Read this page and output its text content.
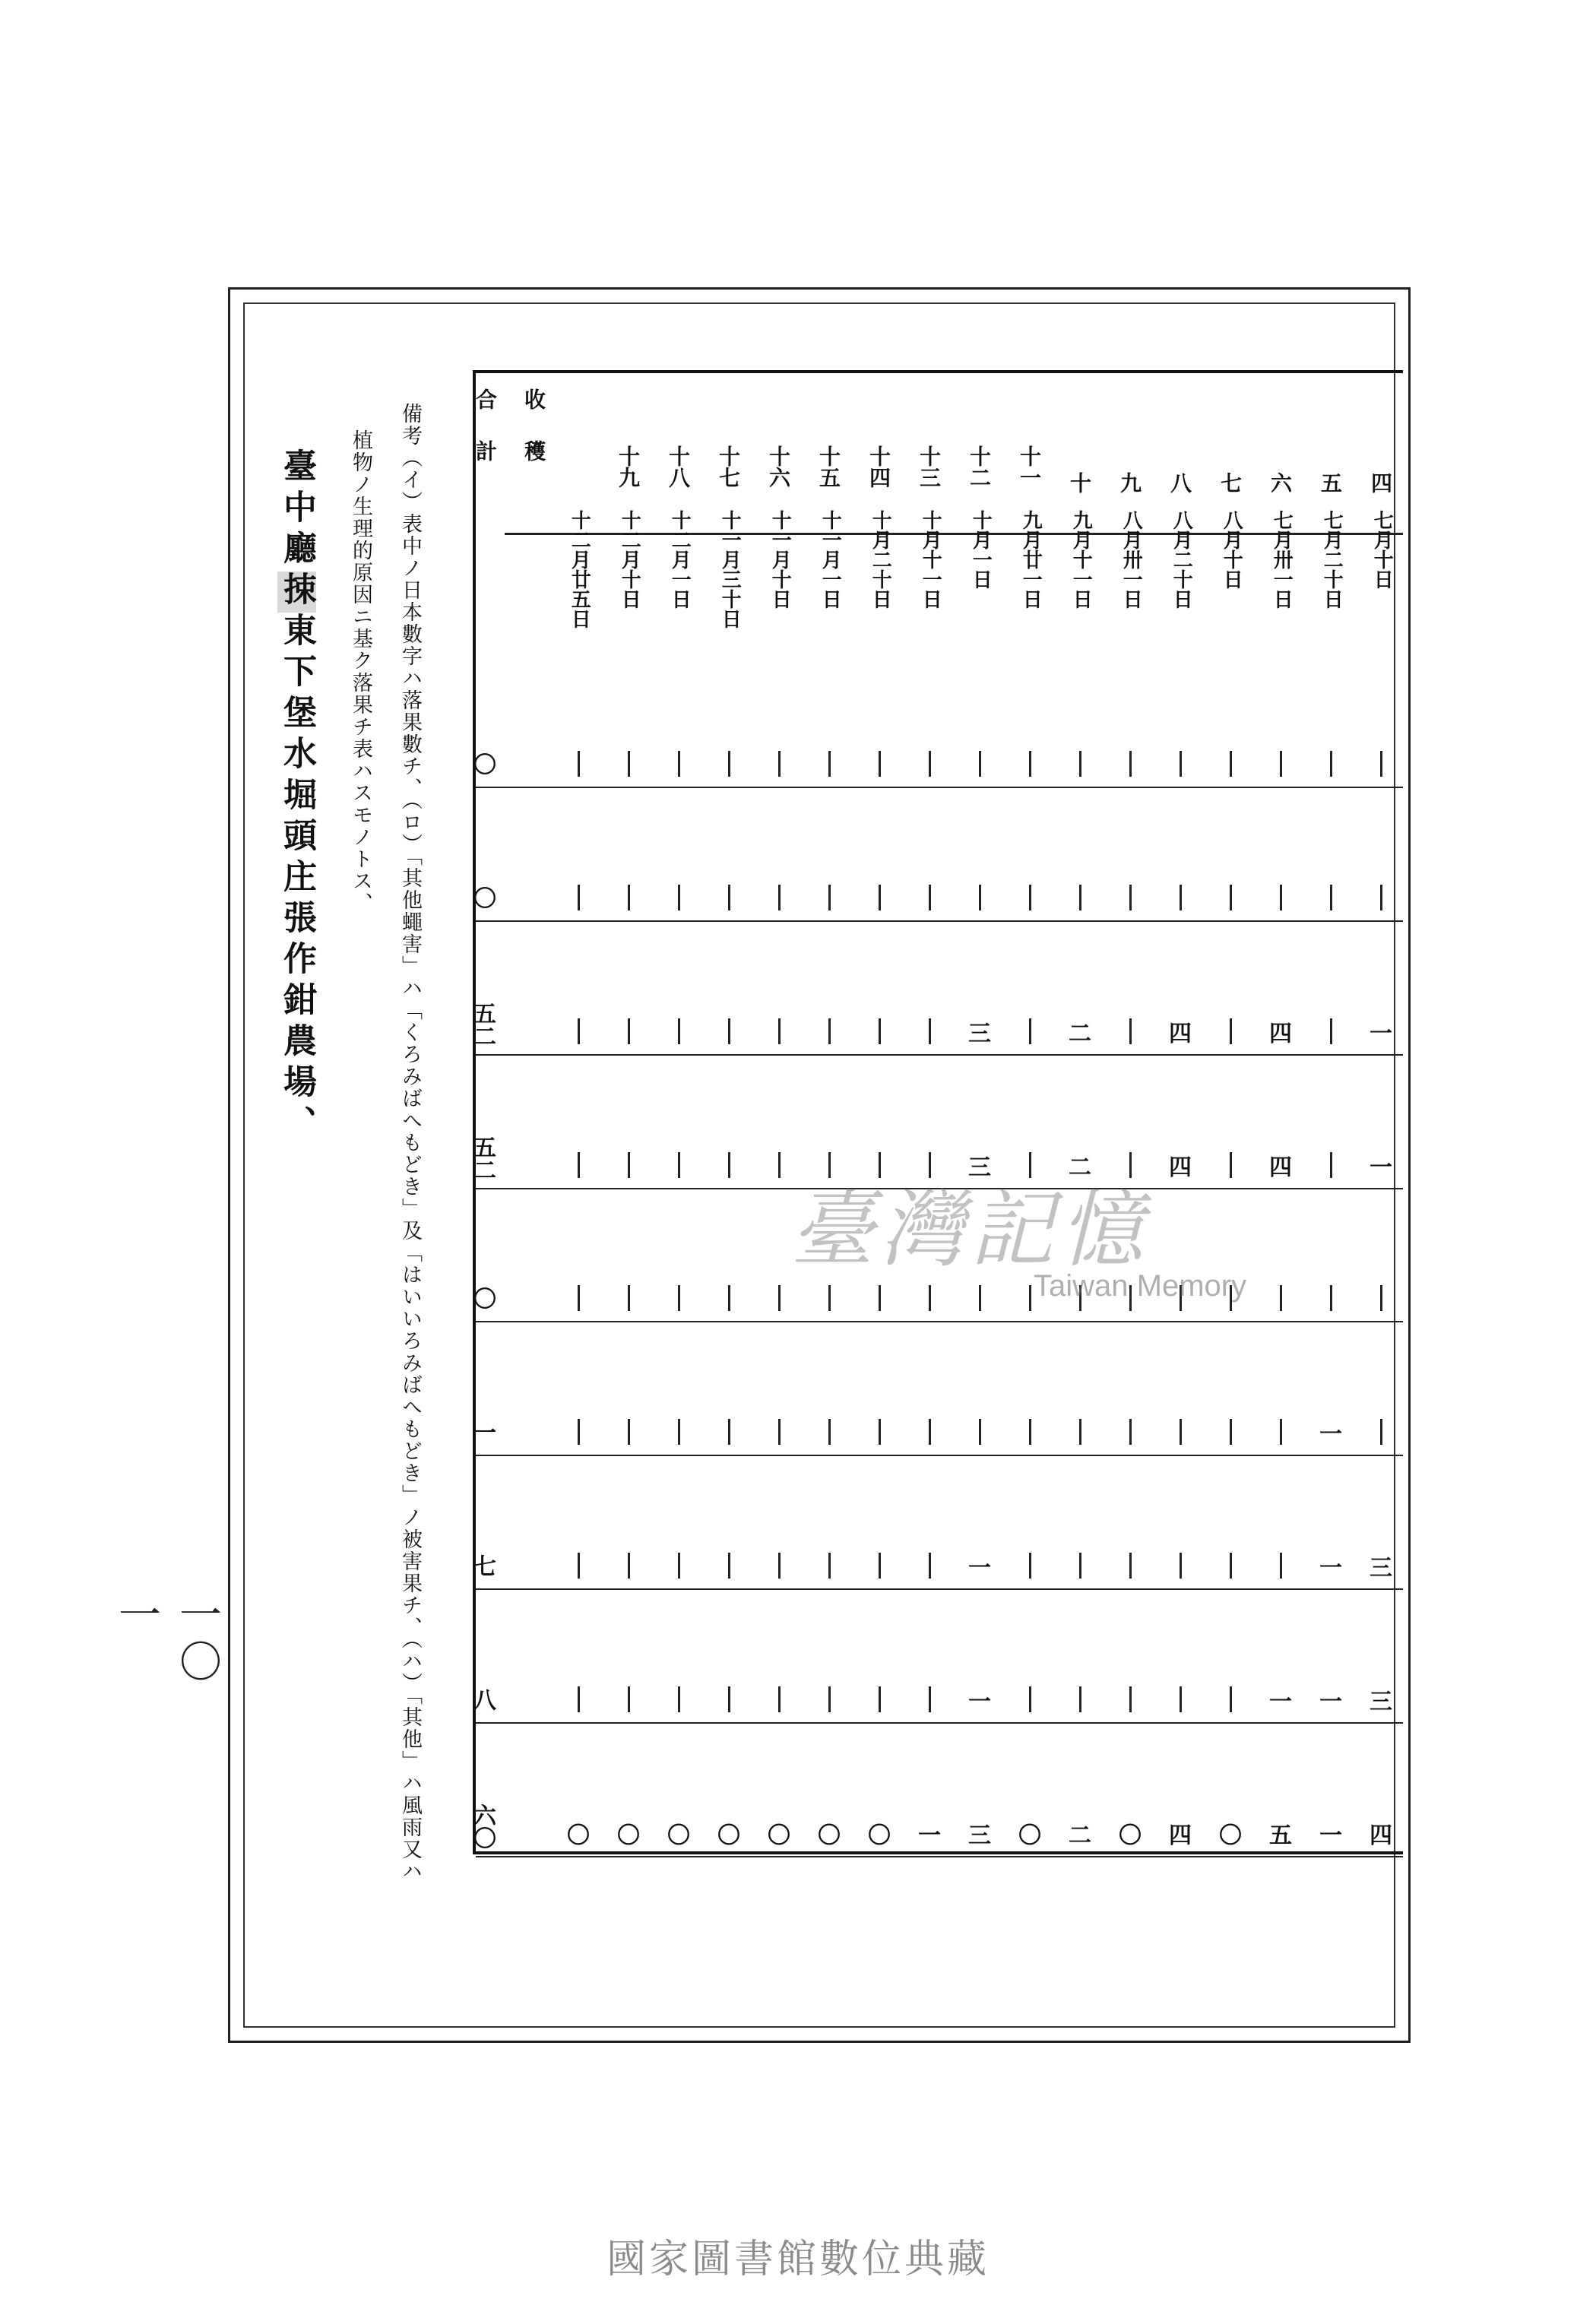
臺中廳捒東下堡水堀頭庄張作鉗農場、	備考（イ）表中ノ日本數字ハ落果數チ、（ロ）「其他蠅害」ハ「くろみばへもどき」及「はいいろみばへもどき」ノ被害果チ、（ハ）「其他」ハ風雨又ハ
植物ノ生理的原因ニ基ク落果チ表ハスモノトス、
一〇一
四
七月十日
五
七月二十日
六
七月卅一日
七
八月十日
八
八月二十日
九
八月卅一日
十
九月十一日
十一
九月廿一日
十二
十月一日
十三
十月十一日
十四
十月二十日
十五
十一月一日
十六
十一月十日
十七
十一月三十日
十八
十二月一日
十九
十二月十日
十二月廿五日
收穫
合計
〇
〇
一
四
四
二
三
五二
一
四
四
二
三
五二
〇
一
一
三
一
一
七
三
一
一
一
八
四
一
五
〇
四
〇
二
〇
三
一
〇
〇
〇
〇
〇
〇
〇
六〇
臺灣記憶
Taiwan Memory
國家圖書館數位典藏
